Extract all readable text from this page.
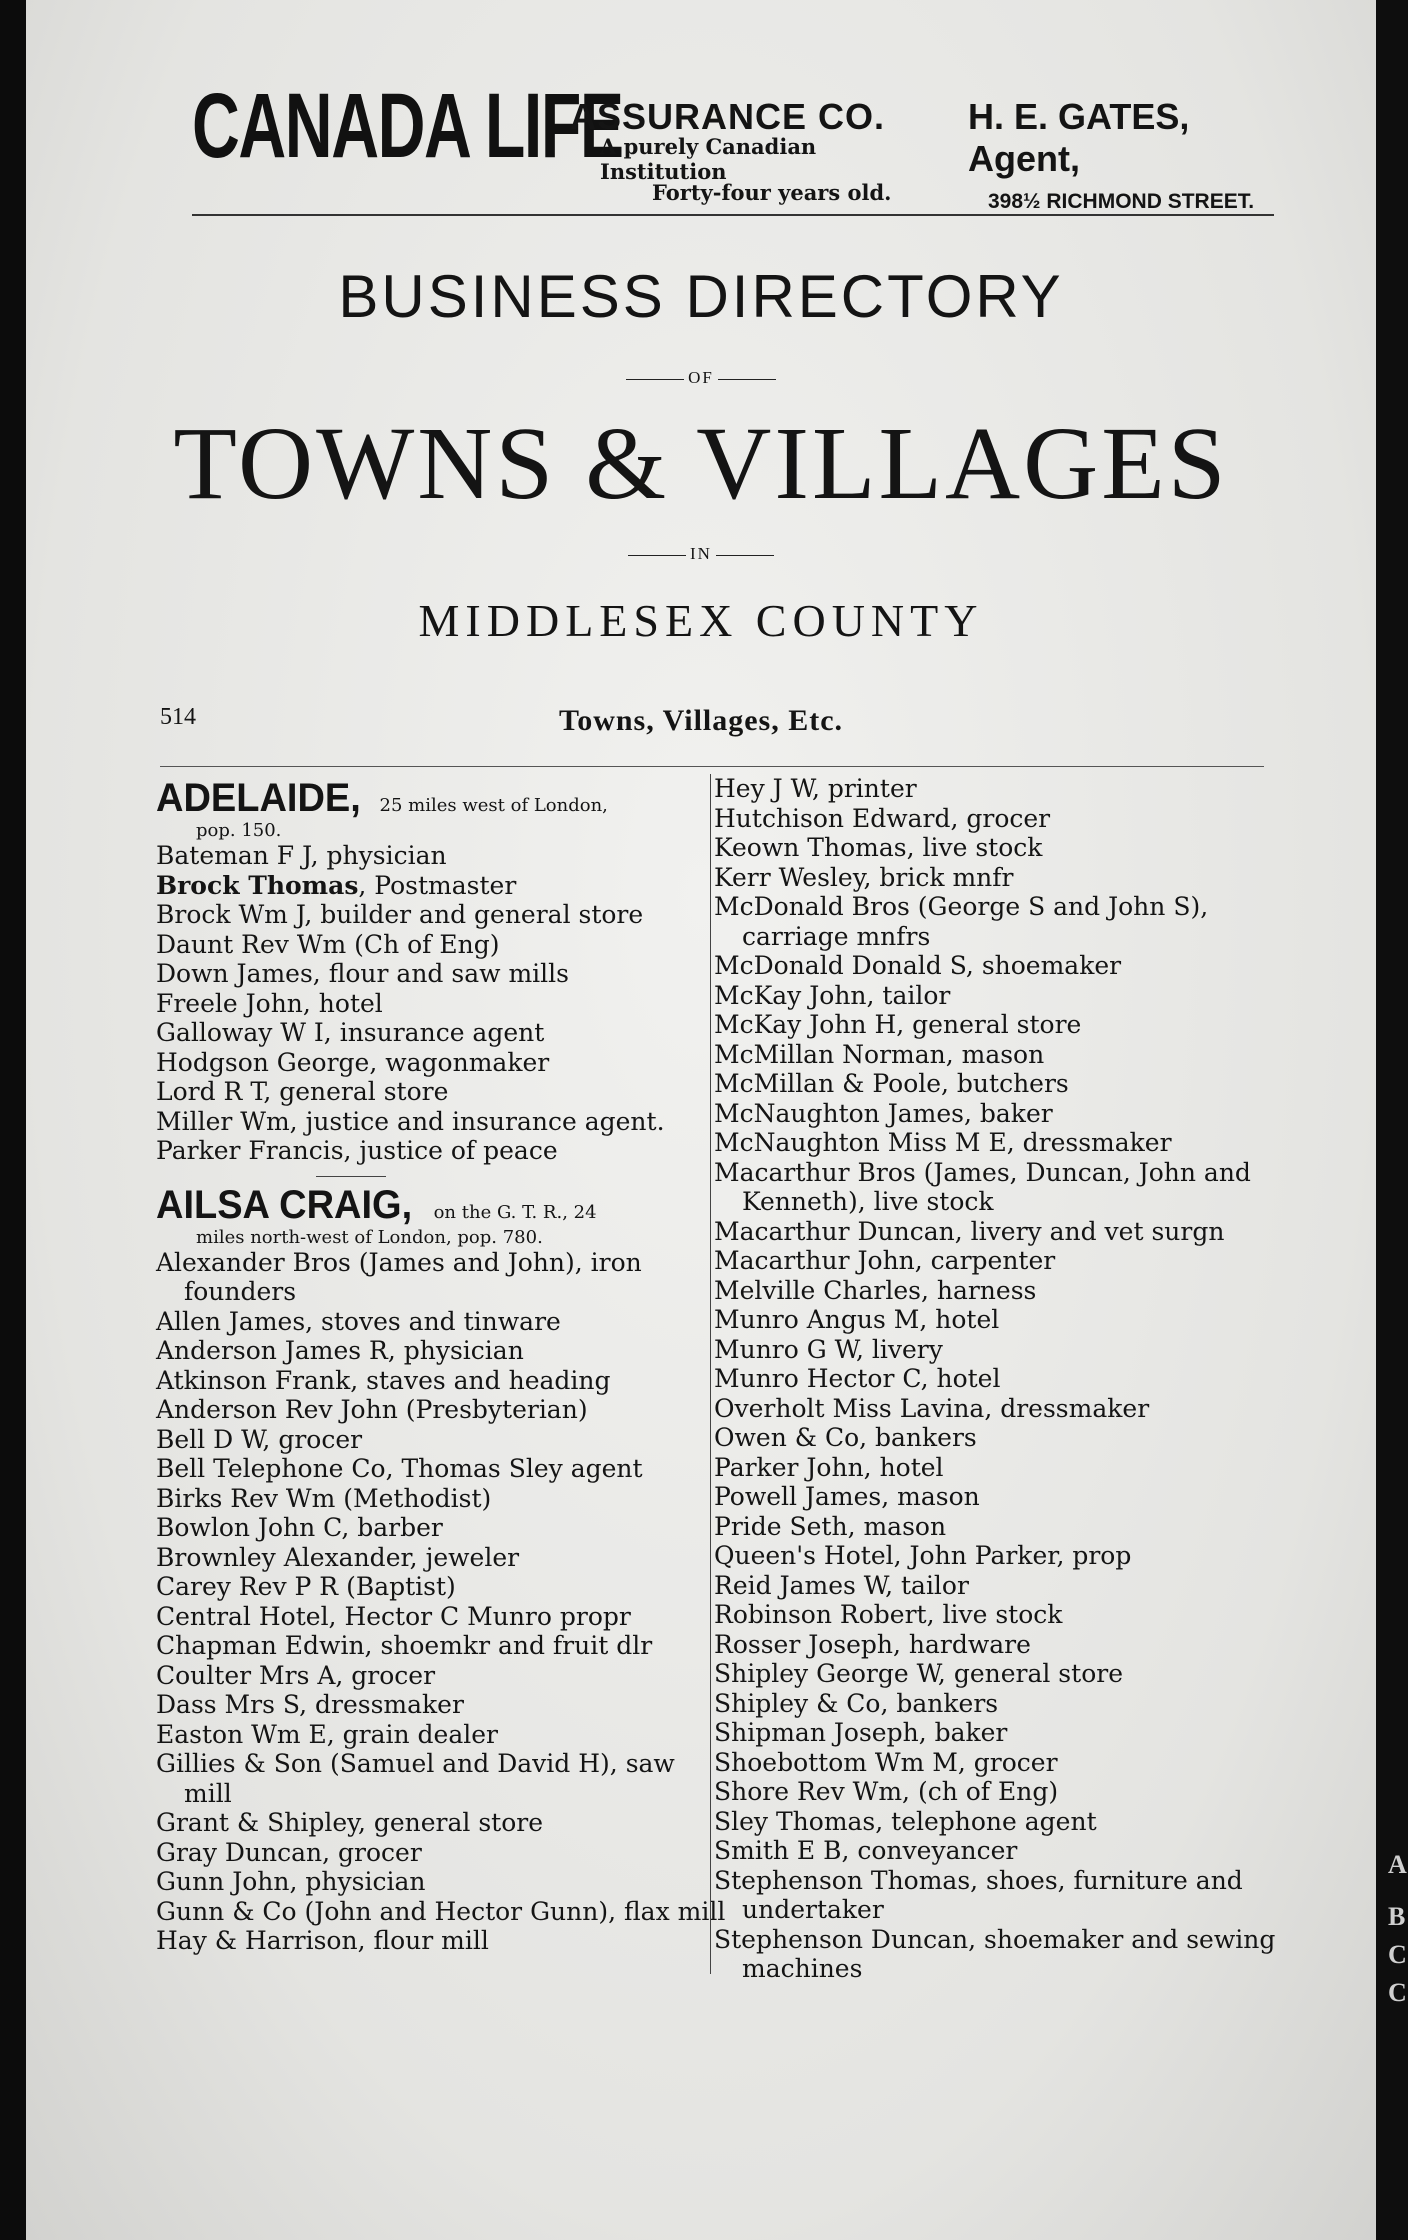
CANADA LIFE
ASSURANCE CO.
A purely Canadian Institution
Forty-four years old.
H. E. GATES, Agent,
398½ RICHMOND STREET.
BUSINESS DIRECTORY
OF
TOWNS & VILLAGES
IN
MIDDLESEX COUNTY
514	Towns, Villages, Etc.
ADELAIDE, 25 miles west of London,
pop. 150.
Bateman F J, physician
Brock Thomas, Postmaster
Brock Wm J, builder and general store
Daunt Rev Wm (Ch of Eng)
Down James, flour and saw mills
Freele John, hotel
Galloway W I, insurance agent
Hodgson George, wagonmaker
Lord R T, general store
Miller Wm, justice and insurance agent.
Parker Francis, justice of peace
AILSA CRAIG, on the G. T. R., 24
miles north-west of London, pop. 780.
Alexander Bros (James and John), iron founders
Allen James, stoves and tinware
Anderson James R, physician
Atkinson Frank, staves and heading
Anderson Rev John (Presbyterian)
Bell D W, grocer
Bell Telephone Co, Thomas Sley agent
Birks Rev Wm (Methodist)
Bowlon John C, barber
Brownley Alexander, jeweler
Carey Rev P R (Baptist)
Central Hotel, Hector C Munro propr
Chapman Edwin, shoemkr and fruit dlr
Coulter Mrs A, grocer
Dass Mrs S, dressmaker
Easton Wm E, grain dealer
Gillies & Son (Samuel and David H), saw mill
Grant & Shipley, general store
Gray Duncan, grocer
Gunn John, physician
Gunn & Co (John and Hector Gunn), flax mill
Hay & Harrison, flour mill
Hey J W, printer
Hutchison Edward, grocer
Keown Thomas, live stock
Kerr Wesley, brick mnfr
McDonald Bros (George S and John S), carriage mnfrs
McDonald Donald S, shoemaker
McKay John, tailor
McKay John H, general store
McMillan Norman, mason
McMillan & Poole, butchers
McNaughton James, baker
McNaughton Miss M E, dressmaker
Macarthur Bros (James, Duncan, John and Kenneth), live stock
Macarthur Duncan, livery and vet surgn
Macarthur John, carpenter
Melville Charles, harness
Munro Angus M, hotel
Munro G W, livery
Munro Hector C, hotel
Overholt Miss Lavina, dressmaker
Owen & Co, bankers
Parker John, hotel
Powell James, mason
Pride Seth, mason
Queen's Hotel, John Parker, prop
Reid James W, tailor
Robinson Robert, live stock
Rosser Joseph, hardware
Shipley George W, general store
Shipley & Co, bankers
Shipman Joseph, baker
Shoebottom Wm M, grocer
Shore Rev Wm, (ch of Eng)
Sley Thomas, telephone agent
Smith E B, conveyancer
Stephenson Thomas, shoes, furniture and undertaker
Stephenson Duncan, shoemaker and sewing machines
A
B
C
C
